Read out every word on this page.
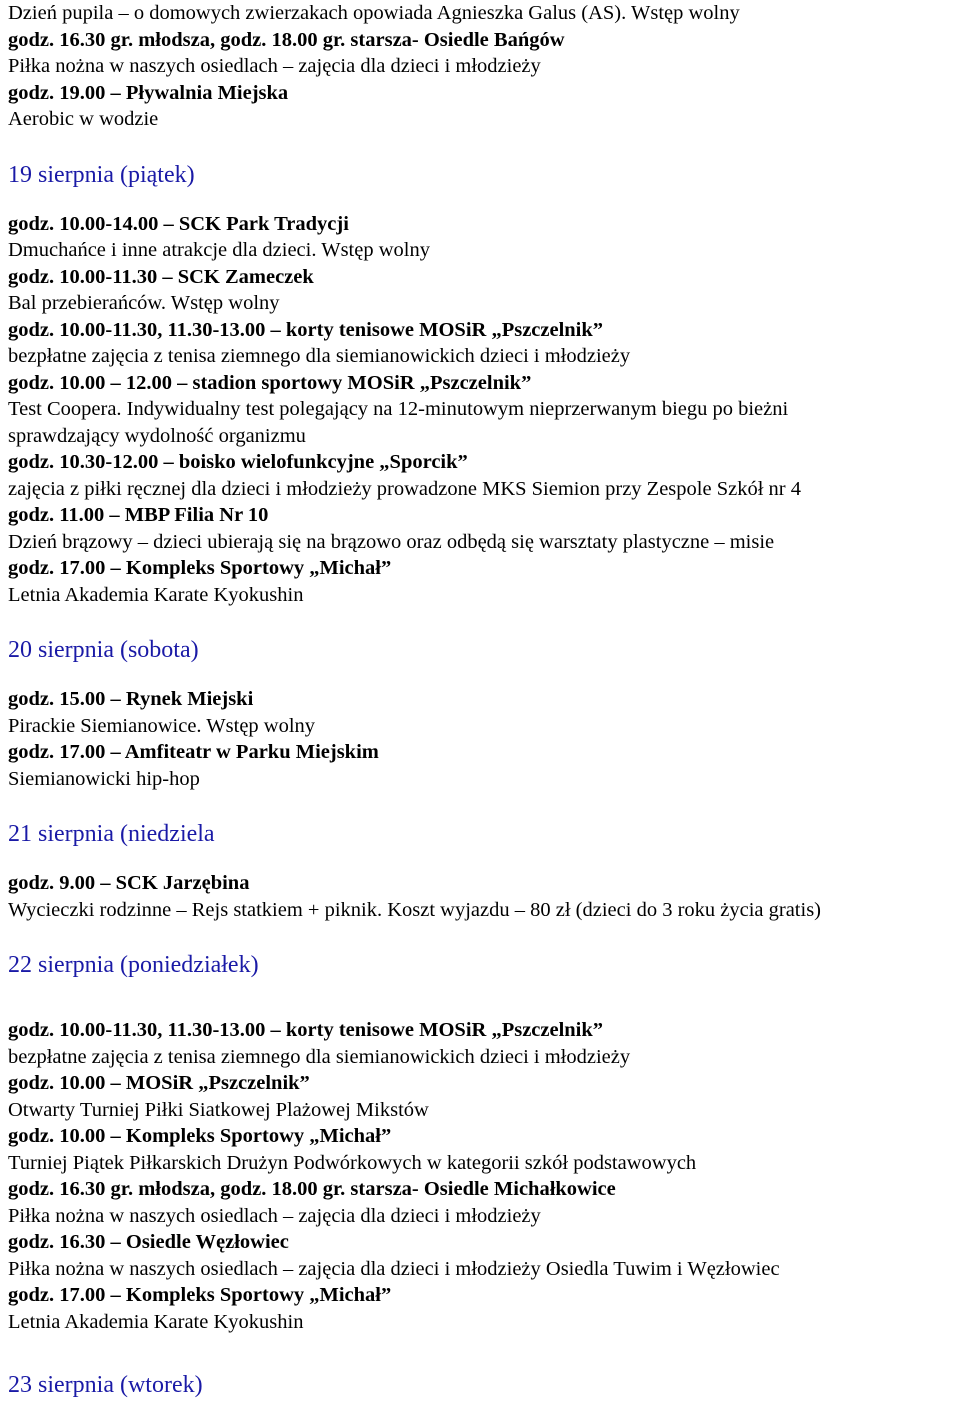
Dzień pupila – o domowych zwierzakach opowiada Agnieszka Galus (AS). Wstęp wolny
godz. 16.30 gr. młodsza, godz. 18.00 gr. starsza- Osiedle Bańgów
Piłka nożna w naszych osiedlach – zajęcia dla dzieci i młodzieży
godz. 19.00 – Pływalnia Miejska
Aerobic w wodzie
19 sierpnia (piątek)
godz. 10.00-14.00 – SCK Park Tradycji
Dmuchańce i inne atrakcje dla dzieci. Wstęp wolny
godz. 10.00-11.30 – SCK Zameczek
Bal przebierańców. Wstęp wolny
godz. 10.00-11.30, 11.30-13.00 – korty tenisowe MOSiR „Pszczelnik”
bezpłatne zajęcia z tenisa ziemnego dla siemianowickich dzieci i młodzieży
godz. 10.00 – 12.00 – stadion sportowy MOSiR „Pszczelnik”
Test Coopera. Indywidualny test polegający na 12-minutowym nieprzerwanym biegu po bieżni
sprawdzający wydolność organizmu
godz. 10.30-12.00 – boisko wielofunkcyjne „Sporcik”
zajęcia z piłki ręcznej dla dzieci i młodzieży prowadzone MKS Siemion przy Zespole Szkół nr 4
godz. 11.00 – MBP Filia Nr 10
Dzień brązowy – dzieci ubierają się na brązowo oraz odbędą się warsztaty plastyczne – misie
godz. 17.00 – Kompleks Sportowy „Michał”
Letnia Akademia Karate Kyokushin
20 sierpnia (sobota)
godz. 15.00 – Rynek Miejski
Pirackie Siemianowice. Wstęp wolny
godz. 17.00 – Amfiteatr w Parku Miejskim
Siemianowicki hip-hop
21 sierpnia (niedziela
godz. 9.00 – SCK Jarzębina
Wycieczki rodzinne – Rejs statkiem + piknik. Koszt wyjazdu – 80 zł (dzieci do 3 roku życia gratis)
22 sierpnia (poniedziałek)
godz. 10.00-11.30, 11.30-13.00 – korty tenisowe MOSiR „Pszczelnik”
bezpłatne zajęcia z tenisa ziemnego dla siemianowickich dzieci i młodzieży
godz. 10.00 – MOSiR „Pszczelnik”
Otwarty Turniej Piłki Siatkowej Plażowej Mikstów
godz. 10.00 – Kompleks Sportowy „Michał”
Turniej Piątek Piłkarskich Drużyn Podwórkowych w kategorii szkół podstawowych
godz. 16.30 gr. młodsza, godz. 18.00 gr. starsza- Osiedle Michałkowice
Piłka nożna w naszych osiedlach – zajęcia dla dzieci i młodzieży
godz. 16.30 – Osiedle Węzłowiec
Piłka nożna w naszych osiedlach – zajęcia dla dzieci i młodzieży Osiedla Tuwim i Węzłowiec
godz. 17.00 – Kompleks Sportowy „Michał”
Letnia Akademia Karate Kyokushin
23 sierpnia (wtorek)
